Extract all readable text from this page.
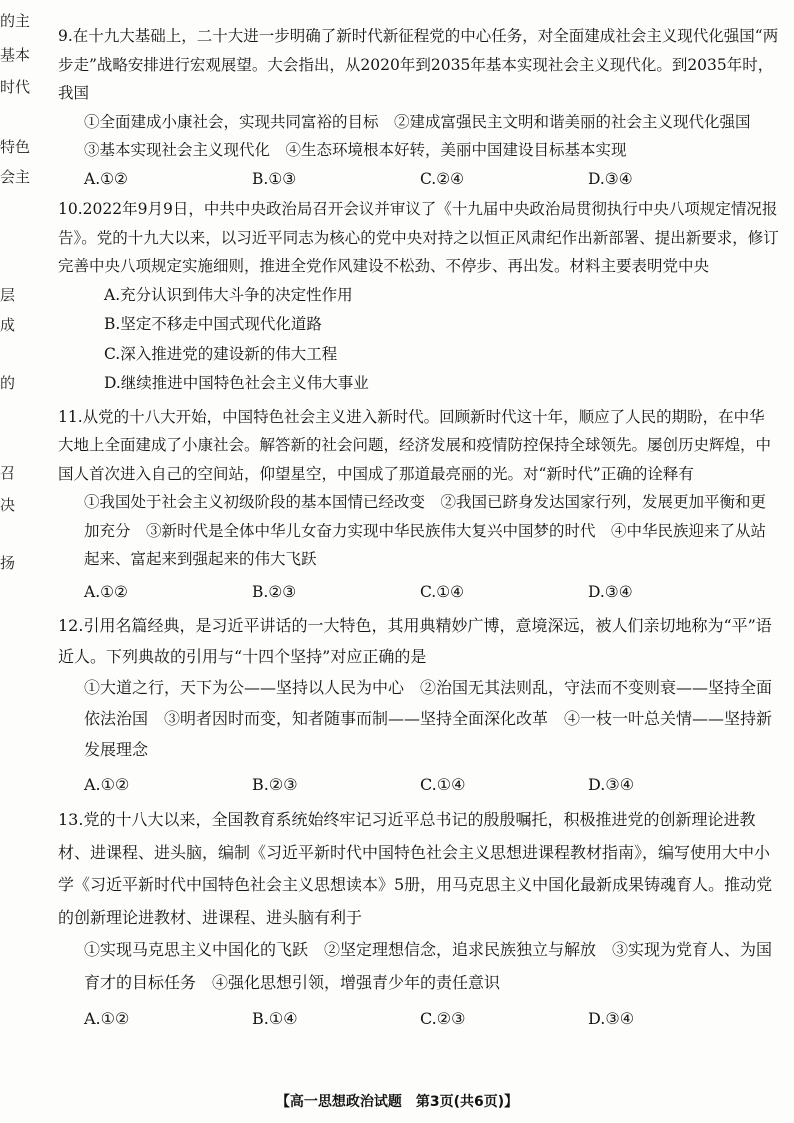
的主
基本
时代
特色
会主
层
成
的
召
决
扬

9.在十九大基础上，二十大进一步明确了新时代新征程党的中心任务，对全面建成社会主义现代化强国“两步走”战略安排进行宏观展望。大会指出，从2020年到2035年基本实现社会主义现代化。到2035年时，我国

①全面建成小康社会，实现共同富裕的目标　②建成富强民主文明和谐美丽的社会主义现代化强国　③基本实现社会主义现代化　④生态环境根本好转，美丽中国建设目标基本实现
A.①②	B.①③	C.②④	D.③④

10.2022年9月9日，中共中央政治局召开会议并审议了《十九届中央政治局贯彻执行中央八项规定情况报告》。党的十九大以来，以习近平同志为核心的党中央对持之以恒正风肃纪作出新部署、提出新要求，修订完善中央八项规定实施细则，推进全党作风建设不松劲、不停步、再出发。材料主要表明党中央

A.充分认识到伟大斗争的决定性作用
B.坚定不移走中国式现代化道路
C.深入推进党的建设新的伟大工程
D.继续推进中国特色社会主义伟大事业

11.从党的十八大开始，中国特色社会主义进入新时代。回顾新时代这十年，顺应了人民的期盼，在中华大地上全面建成了小康社会。解答新的社会问题，经济发展和疫情防控保持全球领先。屡创历史辉煌，中国人首次进入自己的空间站，仰望星空，中国成了那道最亮丽的光。对“新时代”正确的诠释有

①我国处于社会主义初级阶段的基本国情已经改变　②我国已跻身发达国家行列，发展更加平衡和更加充分　③新时代是全体中华儿女奋力实现中华民族伟大复兴中国梦的时代　④中华民族迎来了从站起来、富起来到强起来的伟大飞跃
A.①②	B.②③	C.①④	D.③④

12.引用名篇经典，是习近平讲话的一大特色，其用典精妙广博，意境深远，被人们亲切地称为“平”语近人。下列典故的引用与“十四个坚持”对应正确的是

①大道之行，天下为公——坚持以人民为中心　②治国无其法则乱，守法而不变则衰——坚持全面依法治国　③明者因时而变，知者随事而制——坚持全面深化改革　④一枝一叶总关情——坚持新发展理念
A.①②	B.②③	C.①④	D.③④

13.党的十八大以来，全国教育系统始终牢记习近平总书记的殷殷嘱托，积极推进党的创新理论进教材、进课程、进头脑，编制《习近平新时代中国特色社会主义思想进课程教材指南》，编写使用大中小学《习近平新时代中国特色社会主义思想读本》5册，用马克思主义中国化最新成果铸魂育人。推动党的创新理论进教材、进课程、进头脑有利于

①实现马克思主义中国化的飞跃　②坚定理想信念，追求民族独立与解放　③实现为党育人、为国育才的目标任务　④强化思想引领，增强青少年的责任意识
A.①②	B.①④	C.②③	D.③④
【高一思想政治试题　第3页(共6页)】
